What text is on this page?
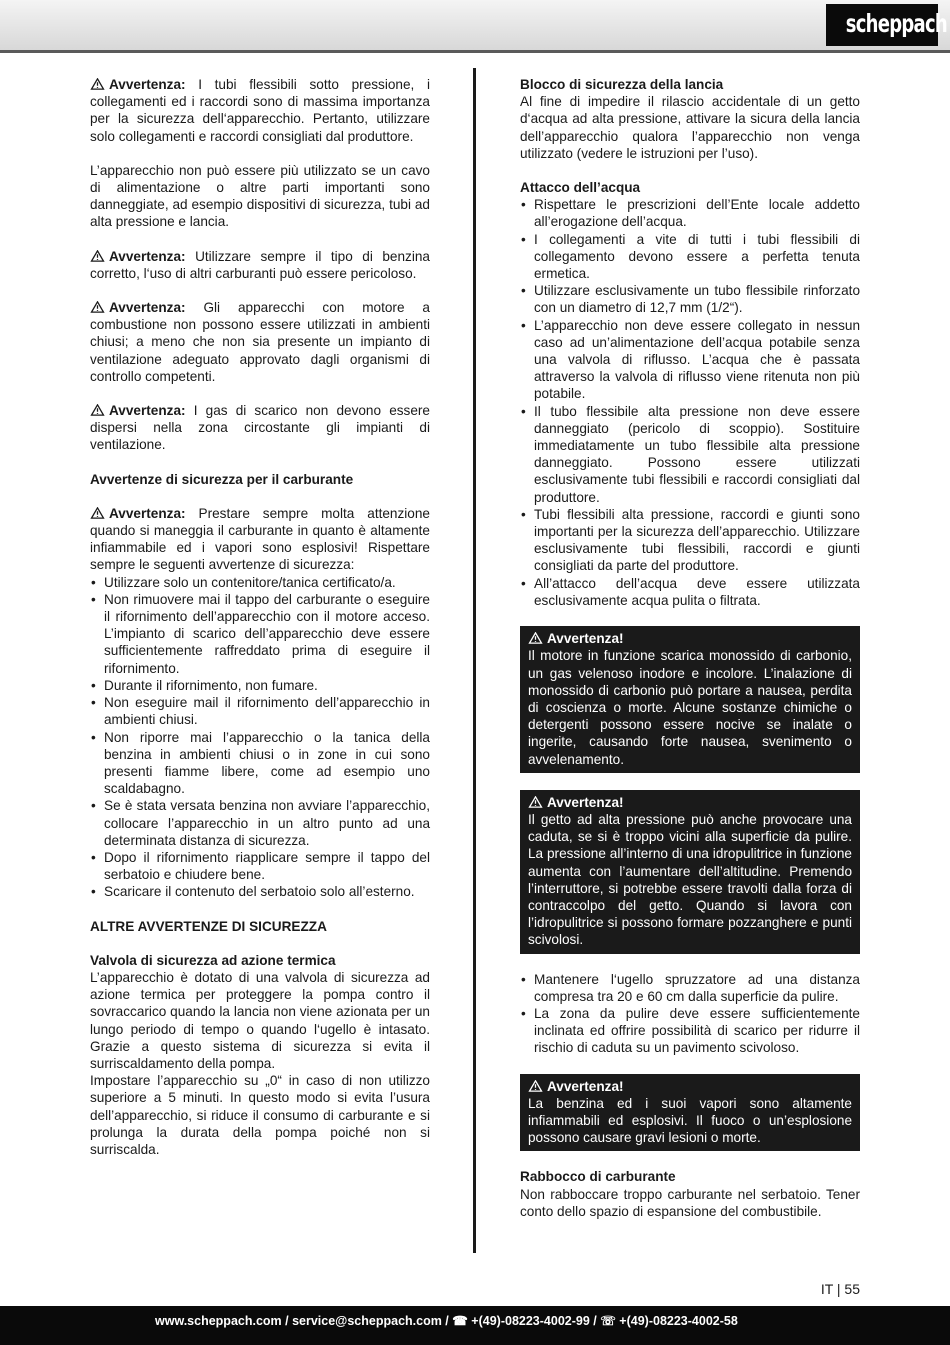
scheppach

Avvertenza: I tubi flessibili sotto pressione, i collegamenti ed i raccordi sono di massima importanza per la sicurezza dell‘apparecchio. Pertanto, utilizzare solo collegamenti e raccordi consigliati dal produttore.

L’apparecchio non può essere più utilizzato se un cavo di alimentazione o altre parti importanti sono danneggiate, ad esempio dispositivi di sicurezza, tubi ad alta pressione e lancia.

Avvertenza: Utilizzare sempre il tipo di benzina corretto, l‘uso di altri carburanti può essere pericoloso.

Avvertenza: Gli apparecchi con motore a combustione non possono essere utilizzati in ambienti chiusi; a meno che non sia presente un impianto di ventilazione adeguato approvato dagli organismi di controllo competenti.

Avvertenza: I gas di scarico non devono essere dispersi nella zona circostante gli impianti di ventilazione.

Avvertenze di sicurezza per il carburante

Avvertenza: Prestare sempre molta attenzione quando si maneggia il carburante in quanto è altamente infiammabile ed i vapori sono esplosivi! Rispettare sempre le seguenti avvertenze di sicurezza:

• Utilizzare solo un contenitore/tanica certificato/a.
• Non rimuovere mai il tappo del carburante o eseguire il rifornimento dell’apparecchio con il motore acceso. L’impianto di scarico dell’apparecchio deve essere sufficientemente raffreddato prima di eseguire il rifornimento.
• Durante il rifornimento, non fumare.
• Non eseguire mail il rifornimento dell’apparecchio in ambienti chiusi.
• Non riporre mai l’apparecchio o la tanica della benzina in ambienti chiusi o in zone in cui sono presenti fiamme libere, come ad esempio uno scaldabagno.
• Se è stata versata benzina non avviare l’apparecchio, collocare l’apparecchio in un altro punto ad una determinata distanza di sicurezza.
• Dopo il rifornimento riapplicare sempre il tappo del serbatoio e chiudere bene.
• Scaricare il contenuto del serbatoio solo all’esterno.

ALTRE AVVERTENZE DI SICUREZZA

Valvola di sicurezza ad azione termica

L’apparecchio è dotato di una valvola di sicurezza ad azione termica per proteggere la pompa contro il sovraccarico quando la lancia non viene azionata per un lungo periodo di tempo o quando l‘ugello è intasato. Grazie a questo sistema di sicurezza si evita il surriscaldamento della pompa.

Impostare l’apparecchio su „0“ in caso di non utilizzo superiore a 5 minuti. In questo modo si evita l’usura dell’apparecchio, si riduce il consumo di carburante e si prolunga la durata della pompa poiché non si surriscalda.

Blocco di sicurezza della lancia

Al fine di impedire il rilascio accidentale di un getto d‘acqua ad alta pressione, attivare la sicura della lancia dell’apparecchio qualora l’apparecchio non venga utilizzato (vedere le istruzioni per l’uso).

Attacco dell’acqua

• Rispettare le prescrizioni dell’Ente locale addetto all’erogazione dell’acqua.
• I collegamenti a vite di tutti i tubi flessibili di collegamento devono essere a perfetta tenuta ermetica.
• Utilizzare esclusivamente un tubo flessibile rinforzato con un diametro di 12,7 mm (1/2“).
• L’apparecchio non deve essere collegato in nessun caso ad un’alimentazione dell’acqua potabile senza una valvola di riflusso. L’acqua che è passata attraverso la valvola di riflusso viene ritenuta non più potabile.
• Il tubo flessibile alta pressione non deve essere danneggiato (pericolo di scoppio). Sostituire immediatamente un tubo flessibile alta pressione danneggiato. Possono essere utilizzati esclusivamente tubi flessibili e raccordi consigliati dal produttore.
• Tubi flessibili alta pressione, raccordi e giunti sono importanti per la sicurezza dell’apparecchio. Utilizzare esclusivamente tubi flessibili, raccordi e giunti consigliati da parte del produttore.
• All’attacco dell’acqua deve essere utilizzata esclusivamente acqua pulita o filtrata.
Avvertenza!
Il motore in funzione scarica monossido di carbonio, un gas velenoso inodore e incolore. L’inalazione di monossido di carbonio può portare a nausea, perdita di coscienza o morte. Alcune sostanze chimiche o detergenti possono essere nocive se inalate o ingerite, causando forte nausea, svenimento o avvelenamento.
Avvertenza!
Il getto ad alta pressione può anche provocare una caduta, se si è troppo vicini alla superficie da pulire. La pressione all’interno di una idropulitrice in funzione aumenta con l’aumentare dell’altitudine. Premendo l’interruttore, si potrebbe essere travolti dalla forza di contraccolpo del getto. Quando si lavora con l’idropulitrice si possono formare pozzanghere e punti scivolosi.
• Mantenere l‘ugello spruzzatore ad una distanza compresa tra 20 e 60 cm dalla superficie da pulire.
• La zona da pulire deve essere sufficientemente inclinata ed offrire possibilità di scarico per ridurre il rischio di caduta su un pavimento scivoloso.
Avvertenza!
La benzina ed i suoi vapori sono altamente infiammabili ed esplosivi. Il fuoco o un’esplosione possono causare gravi lesioni o morte.

Rabbocco di carburante

Non rabboccare troppo carburante nel serbatoio. Tener conto dello spazio di espansione del combustibile.

IT | 55
www.scheppach.com / service@scheppach.com / ☎ +(49)-08223-4002-99 / ☏ +(49)-08223-4002-58
